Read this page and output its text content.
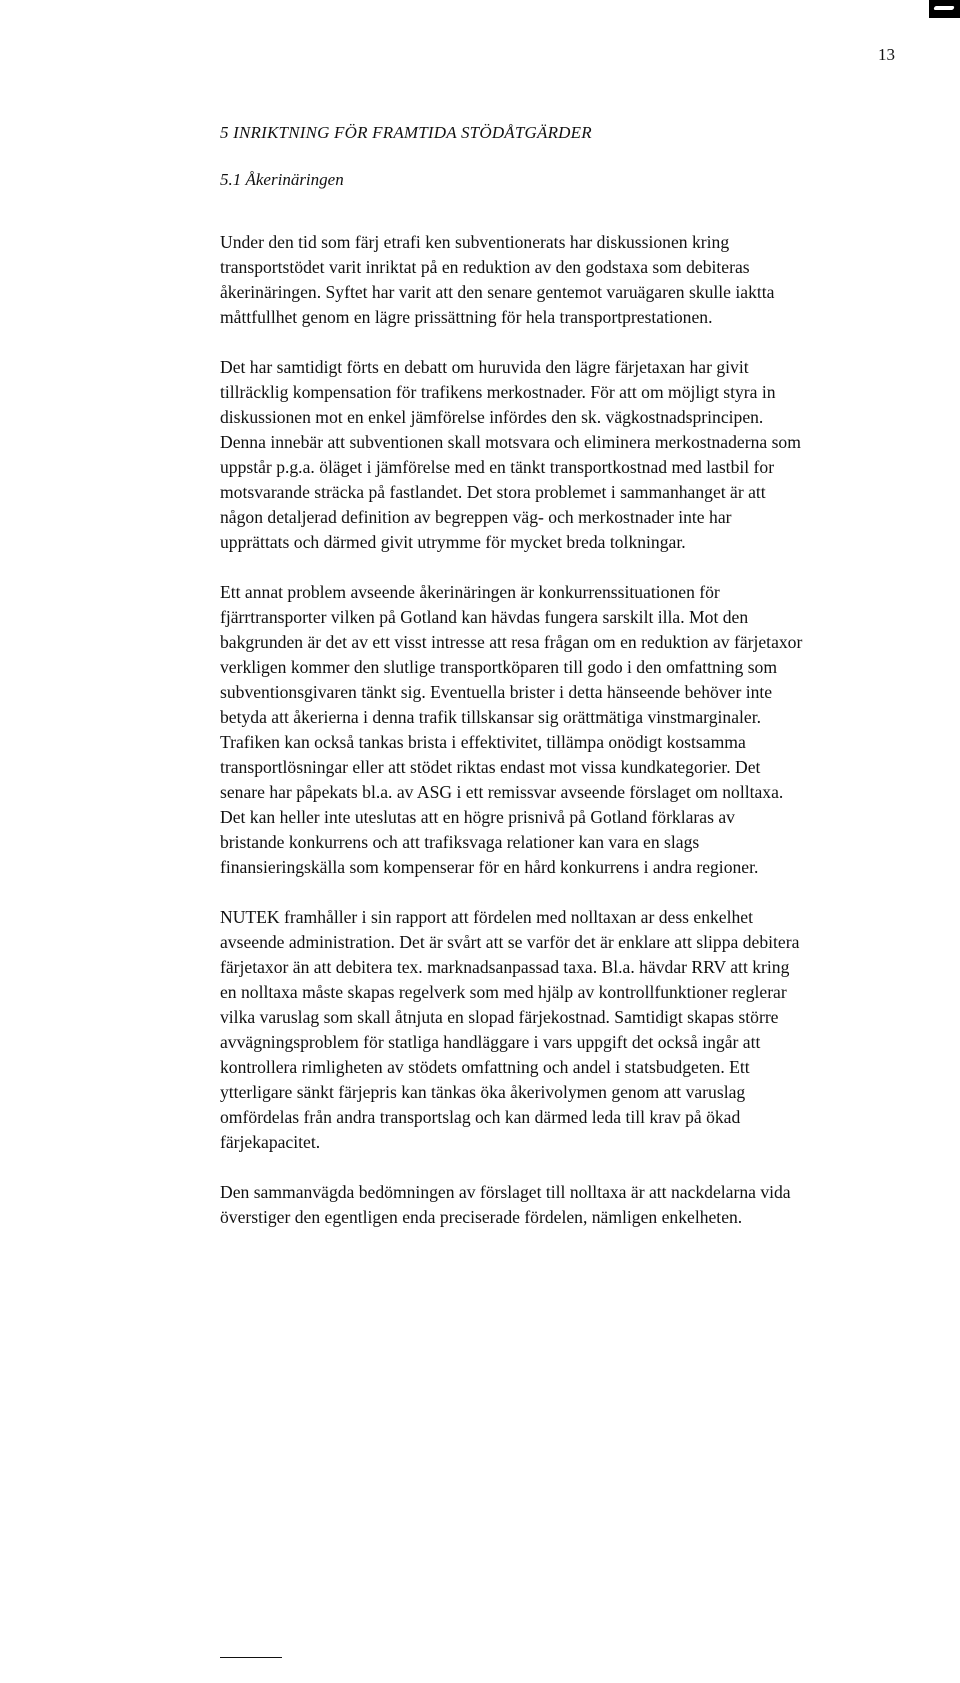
13
5 INRIKTNING FÖR FRAMTIDA STÖDÅTGÄRDER
5.1 Åkerinäringen

Under den tid som färj etrafi ken subventionerats har diskussionen kring
transportstödet varit inriktat på en reduktion av den godstaxa som debiteras
åkerinäringen. Syftet har varit att den senare gentemot varuägaren skulle iaktta
måttfullhet genom en lägre prissättning för hela transportprestationen.

Det har samtidigt förts en debatt om huruvida den lägre färjetaxan har givit
tillräcklig kompensation för trafikens merkostnader. För att om möjligt styra in
diskussionen mot en enkel jämförelse infördes den sk. vägkostnadsprincipen.
Denna innebär att subventionen skall motsvara och eliminera merkostnaderna som
uppstår p.g.a. öläget i jämförelse med en tänkt transportkostnad med lastbil for
motsvarande sträcka på fastlandet. Det stora problemet i sammanhanget är att
någon detaljerad definition av begreppen väg- och merkostnader inte har
upprättats och därmed givit utrymme för mycket breda tolkningar.

Ett annat problem avseende åkerinäringen är konkurrenssituationen för
fjärrtransporter vilken på Gotland kan hävdas fungera sarskilt illa. Mot den
bakgrunden är det av ett visst intresse att resa frågan om en reduktion av färjetaxor
verkligen kommer den slutlige transportköparen till godo i den omfattning som
subventionsgivaren tänkt sig. Eventuella brister i detta hänseende behöver inte
betyda att åkerierna i denna trafik tillskansar sig orättmätiga vinstmarginaler.
Trafiken kan också tankas brista i effektivitet, tillämpa onödigt kostsamma
transportlösningar eller att stödet riktas endast mot vissa kundkategorier. Det
senare har påpekats bl.a. av ASG i ett remissvar avseende förslaget om nolltaxa.
Det kan heller inte uteslutas att en högre prisnivå på Gotland förklaras av
bristande konkurrens och att trafiksvaga relationer kan vara en slags
finansieringskälla som kompenserar för en hård konkurrens i andra regioner.

NUTEK framhåller i sin rapport att fördelen med nolltaxan ar dess enkelhet
avseende administration. Det är svårt att se varför det är enklare att slippa debitera
färjetaxor än att debitera tex. marknadsanpassad taxa. Bl.a. hävdar RRV att kring
en nolltaxa måste skapas regelverk som med hjälp av kontrollfunktioner reglerar
vilka varuslag som skall åtnjuta en slopad färjekostnad. Samtidigt skapas större
avvägningsproblem för statliga handläggare i vars uppgift det också ingår att
kontrollera rimligheten av stödets omfattning och andel i statsbudgeten. Ett
ytterligare sänkt färjepris kan tänkas öka åkerivolymen genom att varuslag
omfördelas från andra transportslag och kan därmed leda till krav på ökad
färjekapacitet.

Den sammanvägda bedömningen av förslaget till nolltaxa är att nackdelarna vida
överstiger den egentligen enda preciserade fördelen, nämligen enkelheten.
